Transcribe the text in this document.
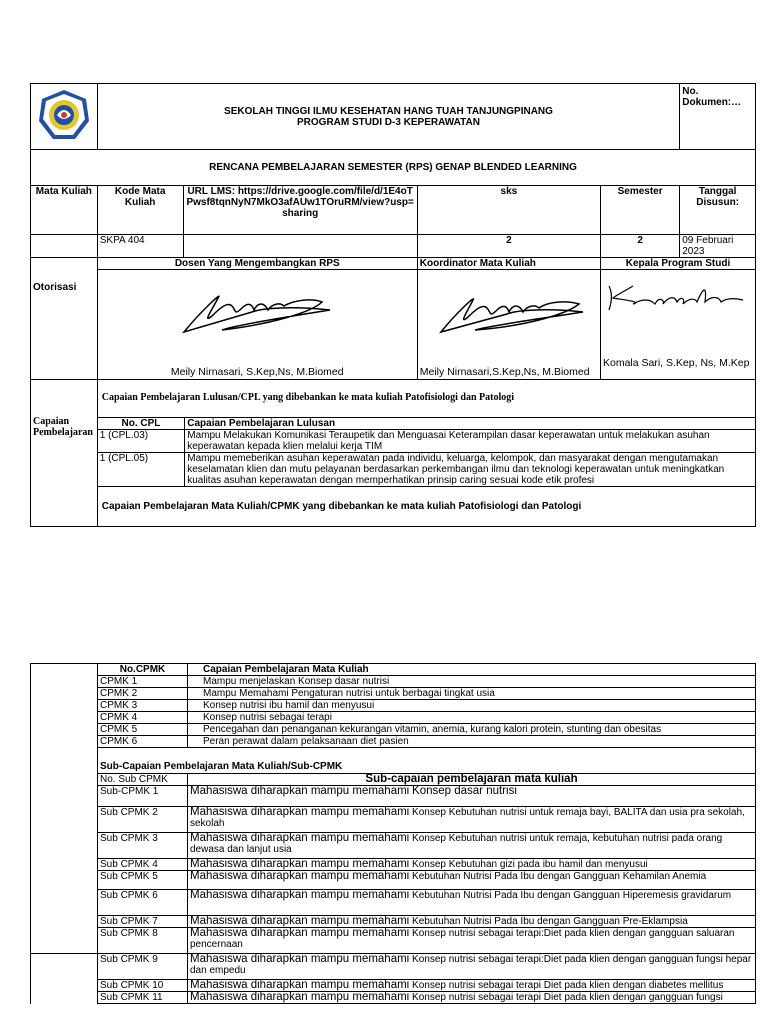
SEKOLAH TINGGI ILMU KESEHATAN HANG TUAH TANJUNGPINANG
PROGRAM STUDI D-3 KEPERAWATAN
	No. Dokumen:…
RENCANA PEMBELAJARAN SEMESTER (RPS) GENAP BLENDED LEARNING
Mata Kuliah	Kode Mata Kuliah	URL LMS: https://drive.google.com/file/d/1E4oTPwsf8tqnNyN7MkO3afAUw1TOruRM/view?usp=sharing	sks	Semester	Tanggal Disusun:
	SKPA 404		2	2	09 Februari 2023
Otorisasi	Dosen Yang Mengembangkan RPS	Koordinator Mata Kuliah	Kepala Program Studi

Meily Nirnasari, S.Kep,Ns, M.Biomed	Meily Nirnasari,S.Kep,Ns, M.Biomed

Komala Sari, S.Kep, Ns, M.Kep

Capaian Pembelajaran	
Capaian Pembelajaran Lulusan/CPL yang dibebankan ke mata kuliah Patofisiologi dan Patologi
No. CPL	Capaian Pembelajaran Lulusan
1 (CPL.03)	Mampu Melakukan Komunikasi Teraupetik dan Menguasai Keterampilan dasar keperawatan untuk melakukan asuhan keperawatan kepada klien melalui kerja TIM
1 (CPL.05)	Mampu memeberikan asuhan keperawatan pada individu, keluarga, kelompok, dan masyarakat dengan mengutamakan keselamatan klien dan mutu pelayanan berdasarkan perkembangan ilmu dan teknologi keperawatan untuk meningkatkan kualitas asuhan keperawatan dengan memperhatikan prinsip caring sesuai kode etik profesi
Capaian Pembelajaran Mata Kuliah/CPMK yang dibebankan ke mata kuliah Patofisiologi dan Patologi
	No.CPMK	Capaian Pembelajaran Mata Kuliah
	CPMK 1	Mampu menjelaskan Konsep dasar nutrisi
	CPMK 2	Mampu Memahami Pengaturan nutrisi untuk berbagai tingkat usia
	CPMK 3	Konsep nutrisi ibu hamil dan menyusui
	CPMK 4	Konsep nutrisi sebagai terapi
	CPMK 5	Pencegahan dan penanganan kekurangan vitamin, anemia, kurang kalori protein, stunting dan obesitas
	CPMK 6	Peran perawat dalam pelaksanaan diet pasien
	Sub-Capaian Pembelajaran Mata Kuliah/Sub-CPMK	
	No. Sub CPMK	Sub-capaian pembelajaran mata kuliah
	Sub-CPMK 1	Mahasiswa diharapkan mampu memahami Konsep dasar nutrisi
	Sub CPMK 2	Mahasiswa diharapkan mampu memahami Konsep Kebutuhan nutrisi untuk remaja bayi, BALITA dan usia pra sekolah, sekolah
	Sub CPMK 3	Mahasiswa diharapkan mampu memahami Konsep Kebutuhan nutrisi untuk remaja, kebutuhan nutrisi pada orang dewasa dan lanjut usia
	Sub CPMK 4	Mahasiswa diharapkan mampu memahami Konsep Kebutuhan gizi pada ibu hamil dan menyusui
	Sub CPMK 5	Mahasiswa diharapkan mampu memahami Kebutuhan Nutrisi Pada Ibu dengan Gangguan Kehamilan Anemia
	Sub CPMK 6	Mahasiswa diharapkan mampu memahami Kebutuhan Nutrisi Pada Ibu dengan Gangguan Hiperemesis gravidarum
	Sub CPMK 7	Mahasiswa diharapkan mampu memahami Kebutuhan Nutrisi Pada Ibu dengan Gangguan Pre-Eklampsia
	Sub CPMK 8	Mahasiswa diharapkan mampu memahami Konsep nutrisi sebagai terapi:Diet pada klien dengan gangguan saluaran pencernaan
	Sub CPMK 9	Mahasiswa diharapkan mampu memahami Konsep nutrisi sebagai terapi:Diet pada klien dengan gangguan fungsi hepar dan empedu
	Sub CPMK 10	Mahasiswa diharapkan mampu memahami Konsep nutrisi sebagai terapi Diet pada klien dengan diabetes mellitus
	Sub CPMK 11	Mahasiswa diharapkan mampu memahami Konsep nutrisi sebagai terapi Diet pada klien dengan gangguan fungsi
